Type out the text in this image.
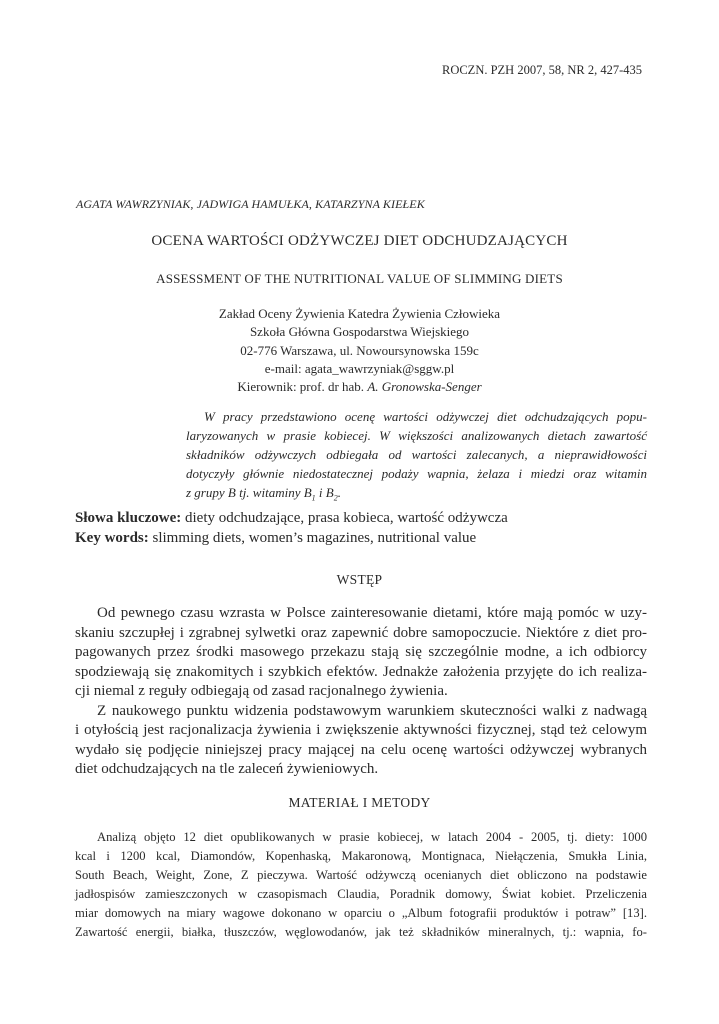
ROCZN. PZH 2007, 58, NR 2, 427-435
AGATA WAWRZYNIAK, JADWIGA HAMUŁKA, KATARZYNA KIEŁEK
OCENA WARTOŚCI ODŻYWCZEJ DIET ODCHUDZAJĄCYCH
ASSESSMENT OF THE NUTRITIONAL VALUE OF SLIMMING DIETS
Zakład Oceny Żywienia Katedra Żywienia Człowieka
Szkoła Główna Gospodarstwa Wiejskiego
02-776 Warszawa, ul. Nowoursynowska 159c
e-mail: agata_wawrzyniak@sggw.pl
Kierownik: prof. dr hab. A. Gronowska-Senger
W pracy przedstawiono ocenę wartości odżywczej diet odchudzających popu-
laryzowanych w prasie kobiecej. W większości analizowanych dietach zawartość
składników odżywczych odbiegała od wartości zalecanych, a nieprawidłowości
dotyczyły głównie niedostatecznej podaży wapnia, żelaza i miedzi oraz witamin
z grupy B tj. witaminy $B_1$ i $B_2$.
Słowa kluczowe: diety odchudzające, prasa kobieca, wartość odżywcza
Key words: slimming diets, women’s magazines, nutritional value
WSTĘP
Od pewnego czasu wzrasta w Polsce zainteresowanie dietami, które mają pomóc w uzy-
skaniu szczupłej i zgrabnej sylwetki oraz zapewnić dobre samopoczucie. Niektóre z diet pro-
pagowanych przez środki masowego przekazu stają się szczególnie modne, a ich odbiorcy
spodziewają się znakomitych i szybkich efektów. Jednakże założenia przyjęte do ich realiza-
cji niemal z reguły odbiegają od zasad racjonalnego żywienia.
Z naukowego punktu widzenia podstawowym warunkiem skuteczności walki z nadwagą
i otyłością jest racjonalizacja żywienia i zwiększenie aktywności fizycznej, stąd też celowym
wydało się podjęcie niniejszej pracy mającej na celu ocenę wartości odżywczej wybranych
diet odchudzających na tle zaleceń żywieniowych.
MATERIAŁ I METODY
Analizą objęto 12 diet opublikowanych w prasie kobiecej, w latach 2004 - 2005, tj. diety: 1000
kcal i 1200 kcal, Diamondów, Kopenhaską, Makaronową, Montignaca, Niełączenia, Smukła Linia,
South Beach, Weight, Zone, Z pieczywa. Wartość odżywczą ocenianych diet obliczono na podstawie
jadłospisów zamieszczonych w czasopismach Claudia, Poradnik domowy, Świat kobiet. Przeliczenia
miar domowych na miary wagowe dokonano w oparciu o „Album fotografii produktów i potraw” [13].
Zawartość energii, białka, tłuszczów, węglowodanów, jak też składników mineralnych, tj.: wapnia, fo-
